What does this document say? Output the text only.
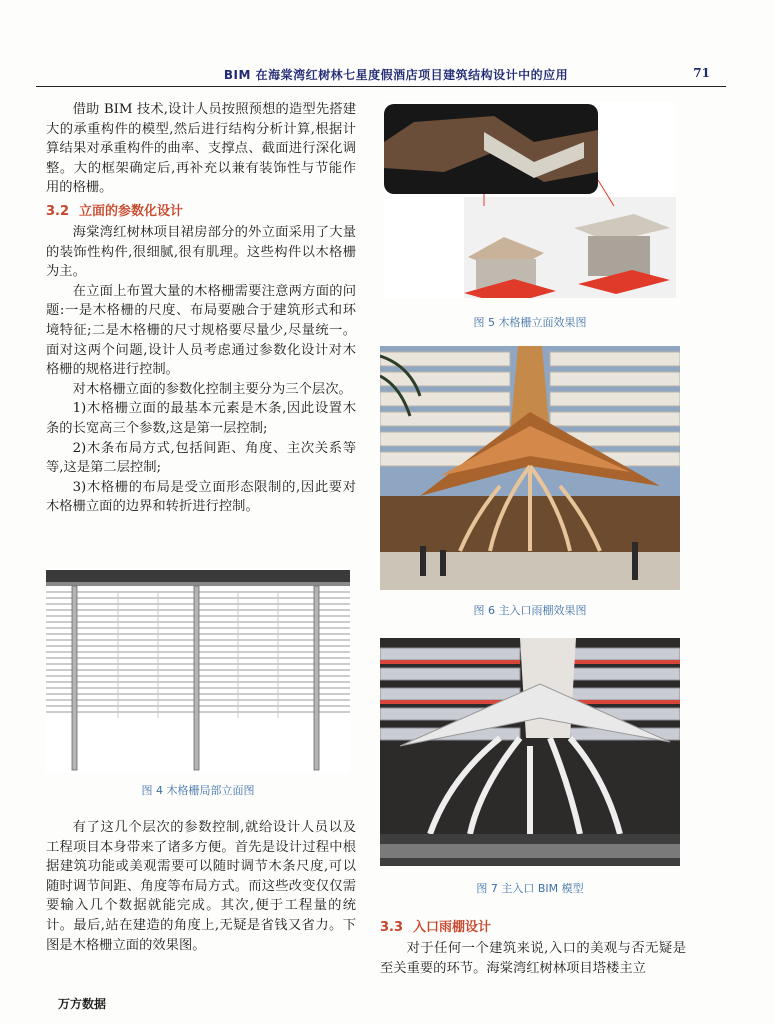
BIM 在海棠湾红树林七星度假酒店项目建筑结构设计中的应用	71

借助 BIM 技术,设计人员按照预想的造型先搭建大的承重构件的模型,然后进行结构分析计算,根据计算结果对承重构件的曲率、支撑点、截面进行深化调整。大的框架确定后,再补充以兼有装饰性与节能作用的格栅。

3.2 立面的参数化设计

海棠湾红树林项目裙房部分的外立面采用了大量的装饰性构件,很细腻,很有肌理。这些构件以木格栅为主。

在立面上布置大量的木格栅需要注意两方面的问题:一是木格栅的尺度、布局要融合于建筑形式和环境特征;二是木格栅的尺寸规格要尽量少,尽量统一。面对这两个问题,设计人员考虑通过参数化设计对木格栅的规格进行控制。

对木格栅立面的参数化控制主要分为三个层次。

1)木格栅立面的最基本元素是木条,因此设置木条的长宽高三个参数,这是第一层控制;

2)木条布局方式,包括间距、角度、主次关系等等,这是第二层控制;

3)木格栅的布局是受立面形态限制的,因此要对木格栅立面的边界和转折进行控制。

图 4 木格栅局部立面图

有了这几个层次的参数控制,就给设计人员以及工程项目本身带来了诸多方便。首先是设计过程中根据建筑功能或美观需要可以随时调节木条尺度,可以随时调节间距、角度等布局方式。而这些改变仅仅需要输入几个数据就能完成。其次,便于工程量的统计。最后,站在建造的角度上,无疑是省钱又省力。下图是木格栅立面的效果图。

图 5 木格栅立面效果图
图 6 主入口雨棚效果图
图 7 主入口 BIM 模型
3.3 入口雨棚设计

对于任何一个建筑来说,入口的美观与否无疑是至关重要的环节。海棠湾红树林项目塔楼主立

万方数据
